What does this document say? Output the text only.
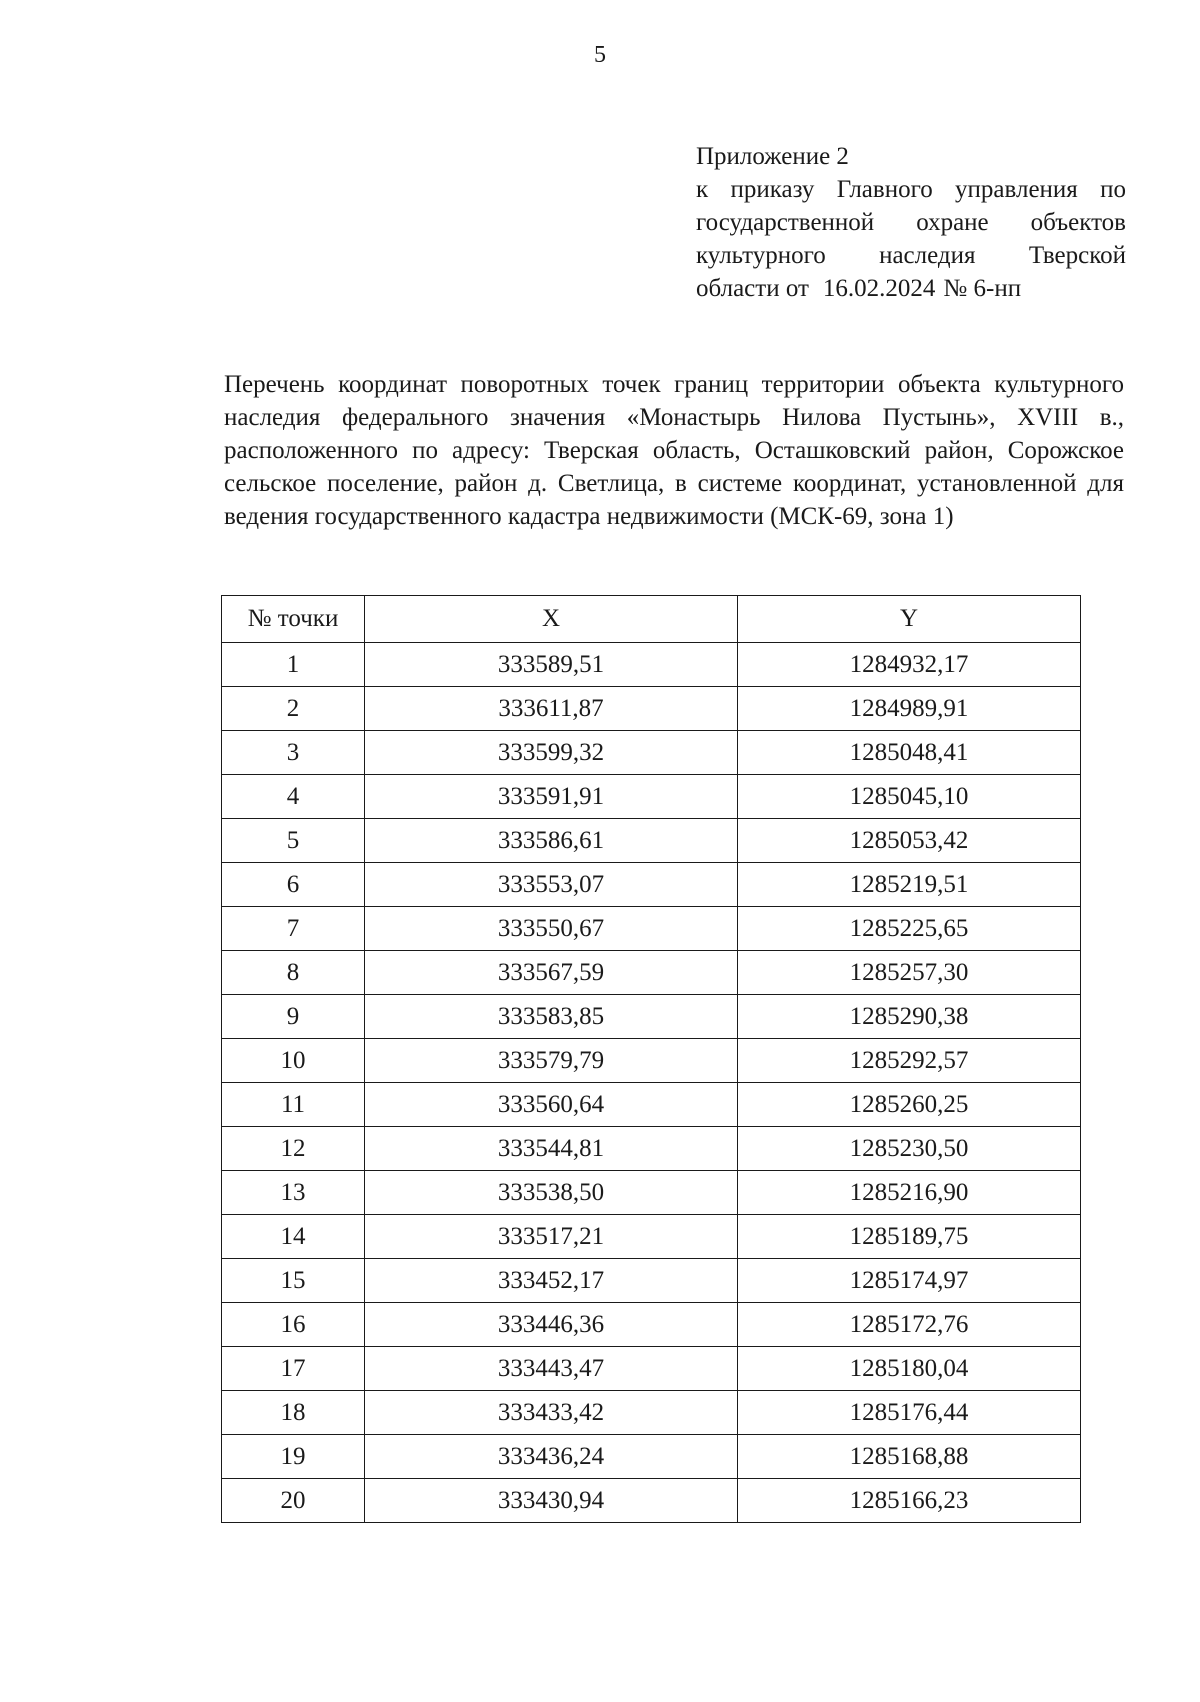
5
Приложение 2
к приказу Главного управления по
государственной охране объектов
культурного наследия Тверской
области от 16.02.2024 № 6-нп

Перечень координат поворотных точек границ территории объекта культурного наследия федерального значения «Монастырь Нилова Пустынь», XVIII в., расположенного по адресу: Тверская область, Осташковский район, Сорожское сельское поселение, район д. Светлица, в системе координат, установленной для ведения государственного кадастра недвижимости (МСК-69, зона 1)

№ точки	X	Y
1	333589,51	1284932,17
2	333611,87	1284989,91
3	333599,32	1285048,41
4	333591,91	1285045,10
5	333586,61	1285053,42
6	333553,07	1285219,51
7	333550,67	1285225,65
8	333567,59	1285257,30
9	333583,85	1285290,38
10	333579,79	1285292,57
11	333560,64	1285260,25
12	333544,81	1285230,50
13	333538,50	1285216,90
14	333517,21	1285189,75
15	333452,17	1285174,97
16	333446,36	1285172,76
17	333443,47	1285180,04
18	333433,42	1285176,44
19	333436,24	1285168,88
20	333430,94	1285166,23
